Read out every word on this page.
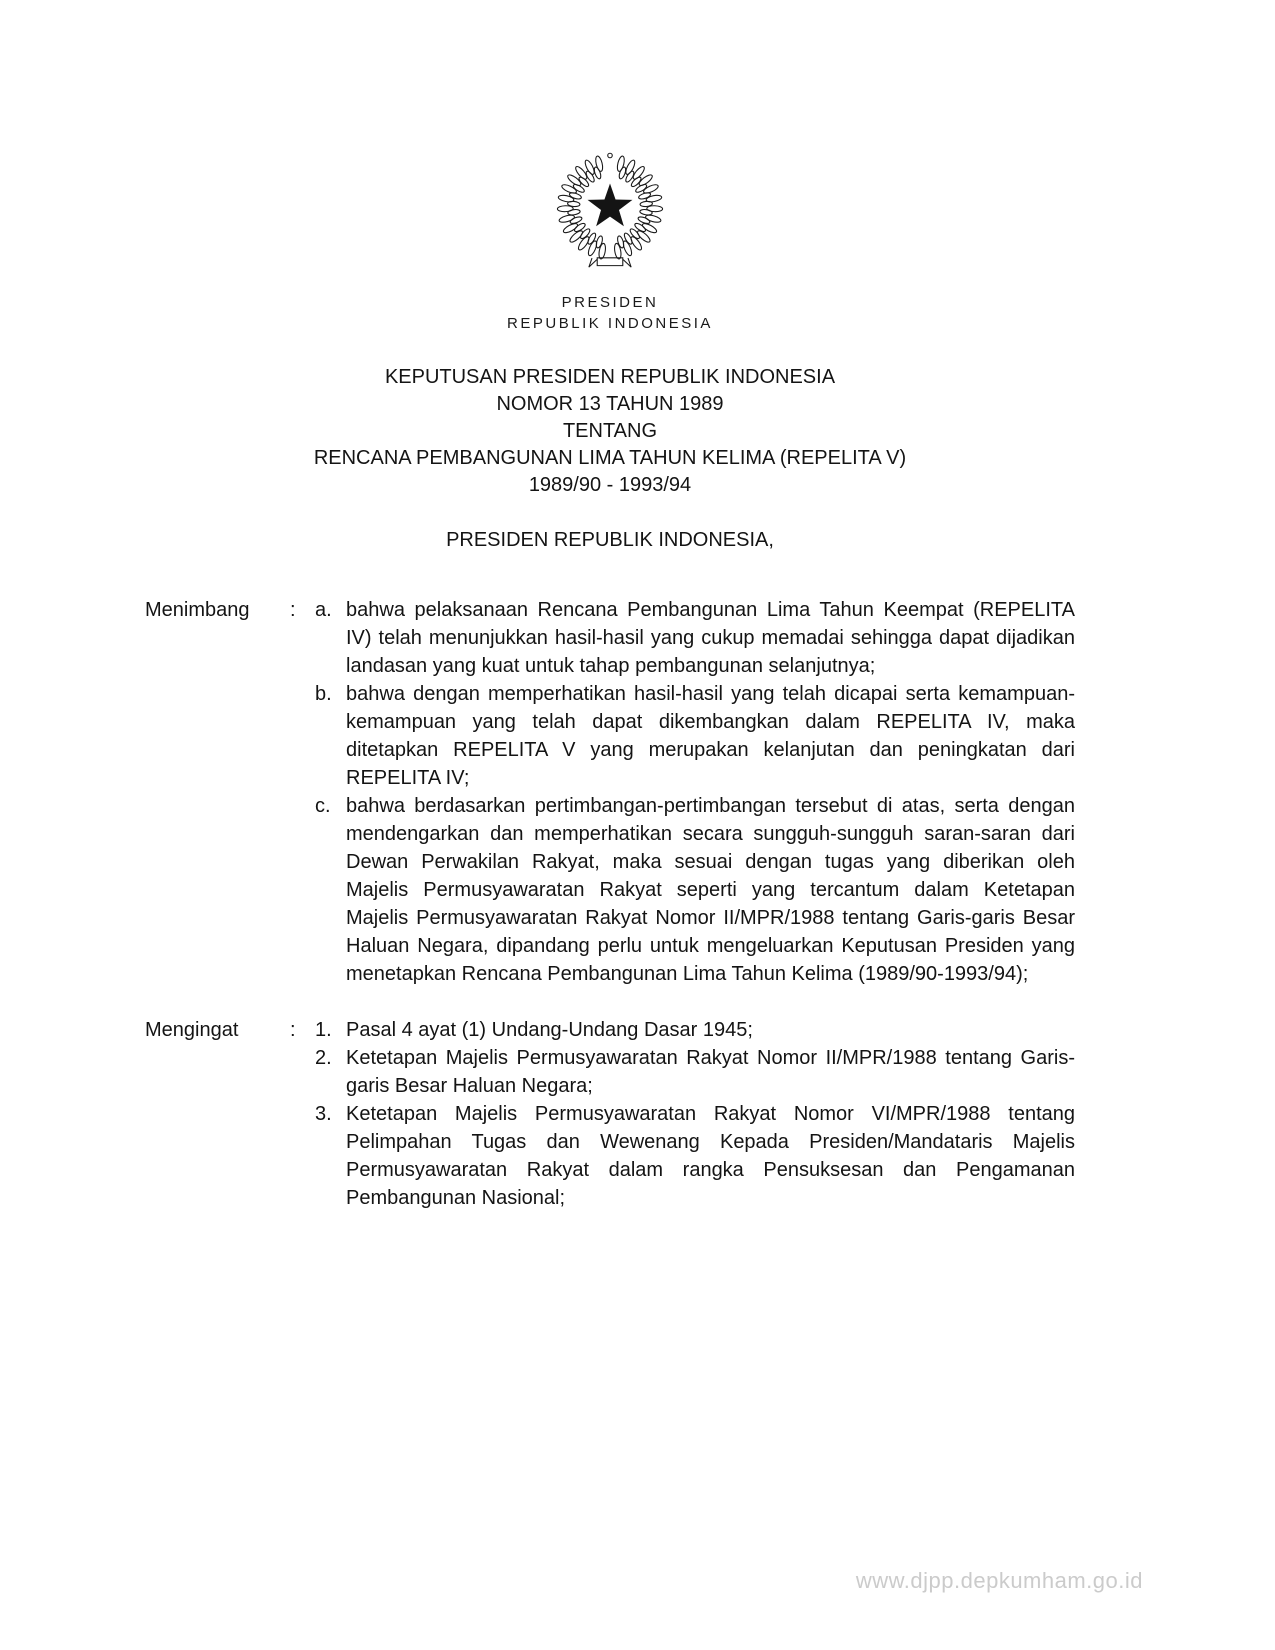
PRESIDEN
REPUBLIK INDONESIA
KEPUTUSAN PRESIDEN REPUBLIK INDONESIA
NOMOR 13 TAHUN 1989
TENTANG
RENCANA PEMBANGUNAN LIMA TAHUN KELIMA (REPELITA V)
1989/90 - 1993/94
PRESIDEN REPUBLIK INDONESIA,
Menimbang	: a. bahwa pelaksanaan Rencana Pembangunan Lima Tahun Keempat (REPELITA IV) telah menunjukkan hasil-hasil yang cukup memadai sehingga dapat dijadikan landasan yang kuat untuk tahap pembangunan selanjutnya;

b. bahwa dengan memperhatikan hasil-hasil yang telah dicapai serta kemampuan-kemampuan yang telah dapat dikembangkan dalam REPELITA IV, maka ditetapkan REPELITA V yang merupakan kelanjutan dan peningkatan dari REPELITA IV;

c. bahwa berdasarkan pertimbangan-pertimbangan tersebut di atas, serta dengan mendengarkan dan memperhatikan secara sungguh-sungguh saran-saran dari Dewan Perwakilan Rakyat, maka sesuai dengan tugas yang diberikan oleh Majelis Permusyawaratan Rakyat seperti yang tercantum dalam Ketetapan Majelis Permusyawaratan Rakyat Nomor II/MPR/1988 tentang Garis-garis Besar Haluan Negara, dipandang perlu untuk mengeluarkan Keputusan Presiden yang menetapkan Rencana Pembangunan Lima Tahun Kelima (1989/90-1993/94);

Mengingat	: 1. Pasal 4 ayat (1) Undang-Undang Dasar 1945;

2. Ketetapan Majelis Permusyawaratan Rakyat Nomor II/MPR/1988 tentang Garis-garis Besar Haluan Negara;

3. Ketetapan Majelis Permusyawaratan Rakyat Nomor VI/MPR/1988 tentang Pelimpahan Tugas dan Wewenang Kepada Presiden/Mandataris Majelis Permusyawaratan Rakyat dalam rangka Pensuksesan dan Pengamanan Pembangunan Nasional;

www.djpp.depkumham.go.id
